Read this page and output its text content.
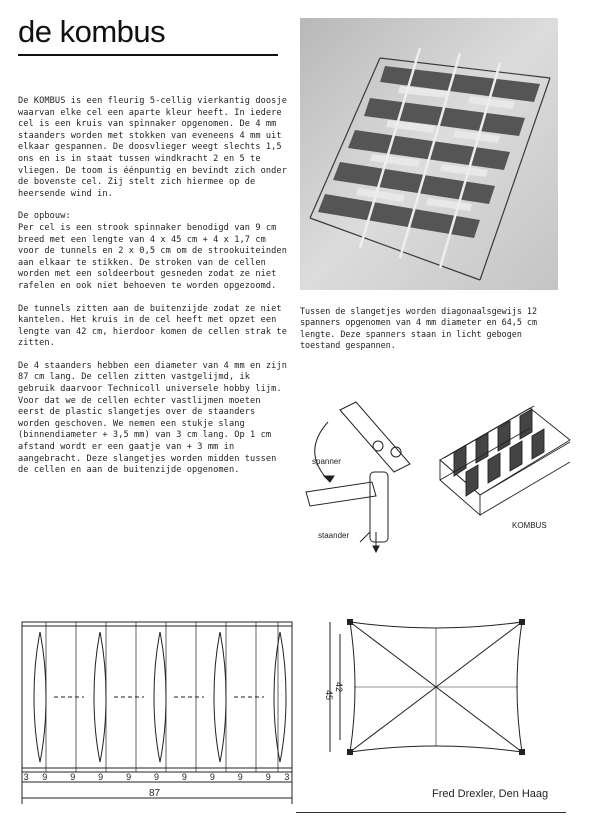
de kombus

De KOMBUS is een fleurig 5-cellig vierkantig doosje waarvan elke cel een aparte kleur heeft. In iedere cel is een kruis van spinnaker opgenomen. De 4 mm staanders worden met stokken van eveneens 4 mm uit elkaar gespannen. De doosvlieger weegt slechts 1,5 ons en is in staat tussen windkracht 2 en 5 te vliegen. De toom is éénpuntig en bevindt zich onder de bovenste cel. Zij stelt zich hiermee op de heersende wind in.

De opbouw:
Per cel is een strook spinnaker benodigd van 9 cm breed met een lengte van 4 x 45 cm + 4 x 1,7 cm voor de tunnels en 2 x 0,5 cm om de strookuiteinden aan elkaar te stikken. De stroken van de cellen worden met een soldeerbout gesneden zodat ze niet rafelen en ook niet behoeven te worden opgezoomd.

De tunnels zitten aan de buitenzijde zodat ze niet kantelen. Het kruis in de cel heeft met opzet een lengte van 42 cm, hierdoor komen de cellen strak te zitten.

De 4 staanders hebben een diameter van 4 mm en zijn 87 cm lang. De cellen zitten vastgelijmd, ik gebruik daarvoor Technicoll universele hobby lijm. Voor dat we de cellen echter vastlijmen moeten eerst de plastic slangetjes over de staanders worden geschoven. We nemen een stukje slang (binnendiameter + 3,5 mm) van 3 cm lang. Op 1 cm afstand wordt er een gaatje van + 3 mm in aangebracht. Deze slangetjes worden midden tussen de cellen en aan de buitenzijde opgenomen.

Tussen de slangetjes worden diagonaalsgewijs 12 spanners opgenomen van 4 mm diameter en 64,5 cm lengte. Deze spanners staan in licht gebogen toestand gespannen.
spanner
staander
KOMBUS
3 9	9	9	9	9	9	9	9	9 3
87
45
42
Fred Drexler, Den Haag
